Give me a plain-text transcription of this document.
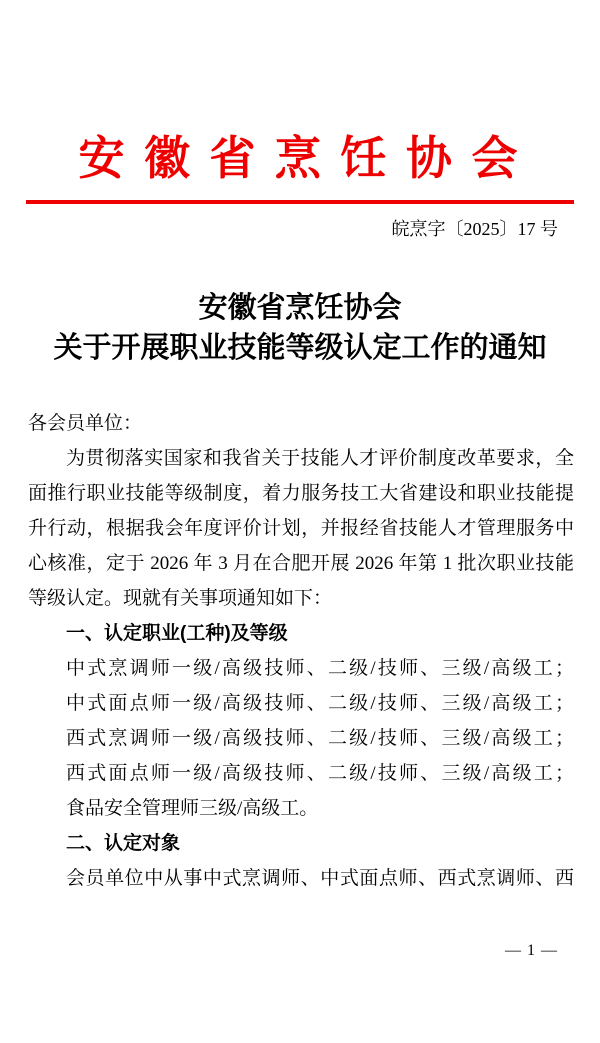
安 徽 省 烹 饪 协 会
皖烹字〔2025〕17 号
安徽省烹饪协会
关于开展职业技能等级认定工作的通知
各会员单位：
为贯彻落实国家和我省关于技能人才评价制度改革要求，全
面推行职业技能等级制度，着力服务技工大省建设和职业技能提
升行动，根据我会年度评价计划，并报经省技能人才管理服务中
心核准，定于 2026 年 3 月在合肥开展 2026 年第 1 批次职业技能
等级认定。现就有关事项通知如下：
一、认定职业(工种)及等级
中式烹调师一级/高级技师、二级/技师、三级/高级工；
中式面点师一级/高级技师、二级/技师、三级/高级工；
西式烹调师一级/高级技师、二级/技师、三级/高级工；
西式面点师一级/高级技师、二级/技师、三级/高级工；
食品安全管理师三级/高级工。
二、认定对象
会员单位中从事中式烹调师、中式面点师、西式烹调师、西
— 1 —
